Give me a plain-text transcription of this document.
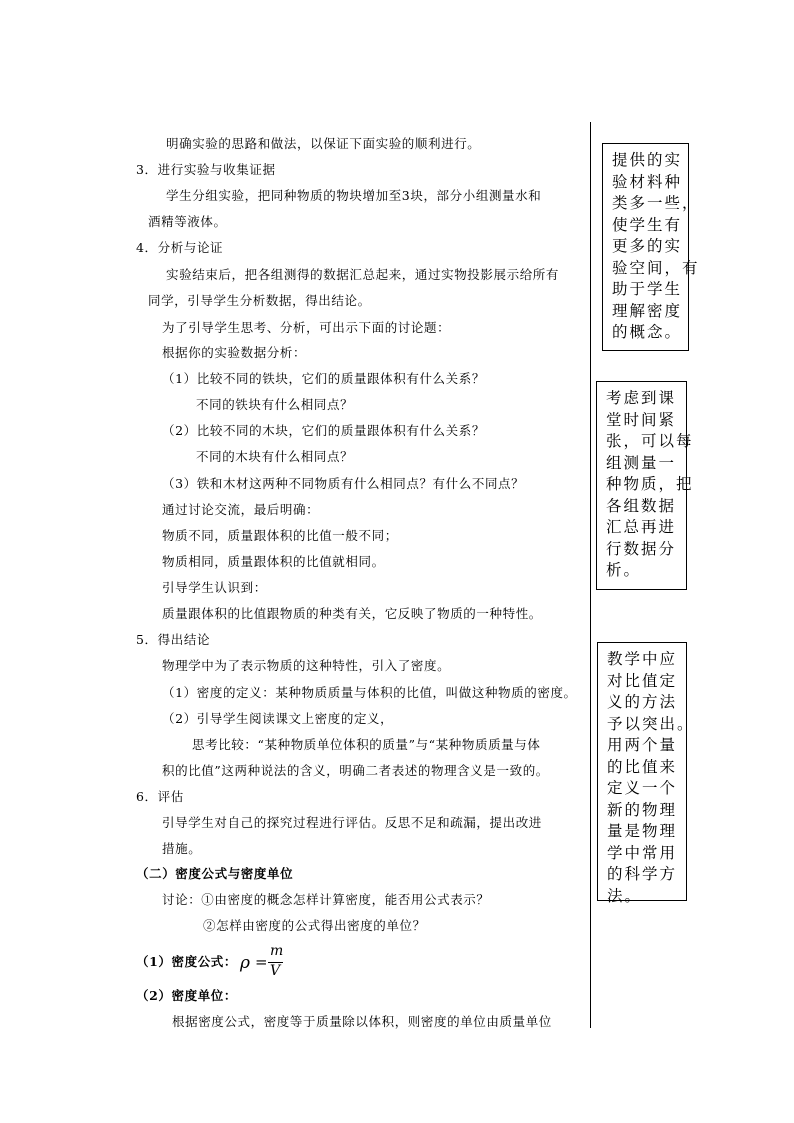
明确实验的思路和做法，以保证下面实验的顺利进行。
3．进行实验与收集证据
学生分组实验，把同种物质的物块增加至3块，部分小组测量水和
酒精等液体。
4．分析与论证
实验结束后，把各组测得的数据汇总起来，通过实物投影展示给所有
同学，引导学生分析数据，得出结论。
为了引导学生思考、分析，可出示下面的讨论题：
根据你的实验数据分析：
（1）比较不同的铁块，它们的质量跟体积有什么关系？
不同的铁块有什么相同点？
（2）比较不同的木块，它们的质量跟体积有什么关系？
不同的木块有什么相同点？
（3）铁和木材这两种不同物质有什么相同点？有什么不同点？
通过讨论交流，最后明确：
物质不同，质量跟体积的比值一般不同；
物质相同，质量跟体积的比值就相同。
引导学生认识到：
质量跟体积的比值跟物质的种类有关，它反映了物质的一种特性。
5．得出结论
物理学中为了表示物质的这种特性，引入了密度。
（1）密度的定义：某种物质质量与体积的比值，叫做这种物质的密度。
（2）引导学生阅读课文上密度的定义，
思考比较：“某种物质单位体积的质量”与“某种物质质量与体
积的比值”这两种说法的含义，明确二者表述的物理含义是一致的。
6．评估
引导学生对自己的探究过程进行评估。反思不足和疏漏，提出改进
措施。
（二）密度公式与密度单位
讨论：①由密度的概念怎样计算密度，能否用公式表示？
②怎样由密度的公式得出密度的单位？
（1）密度公式：
（2）密度单位：
根据密度公式，密度等于质量除以体积，则密度的单位由质量单位
ρ =
m
V
提供的实
验材料种
类多一些，
使学生有
更多的实
验空间，有
助于学生
理解密度
的概念。
考虑到课
堂时间紧
张，可以每
组测量一
种物质，把
各组数据
汇总再进
行数据分
析。
教学中应
对比值定
义的方法
予以突出。
用两个量
的比值来
定义一个
新的物理
量是物理
学中常用
的科学方
法。
